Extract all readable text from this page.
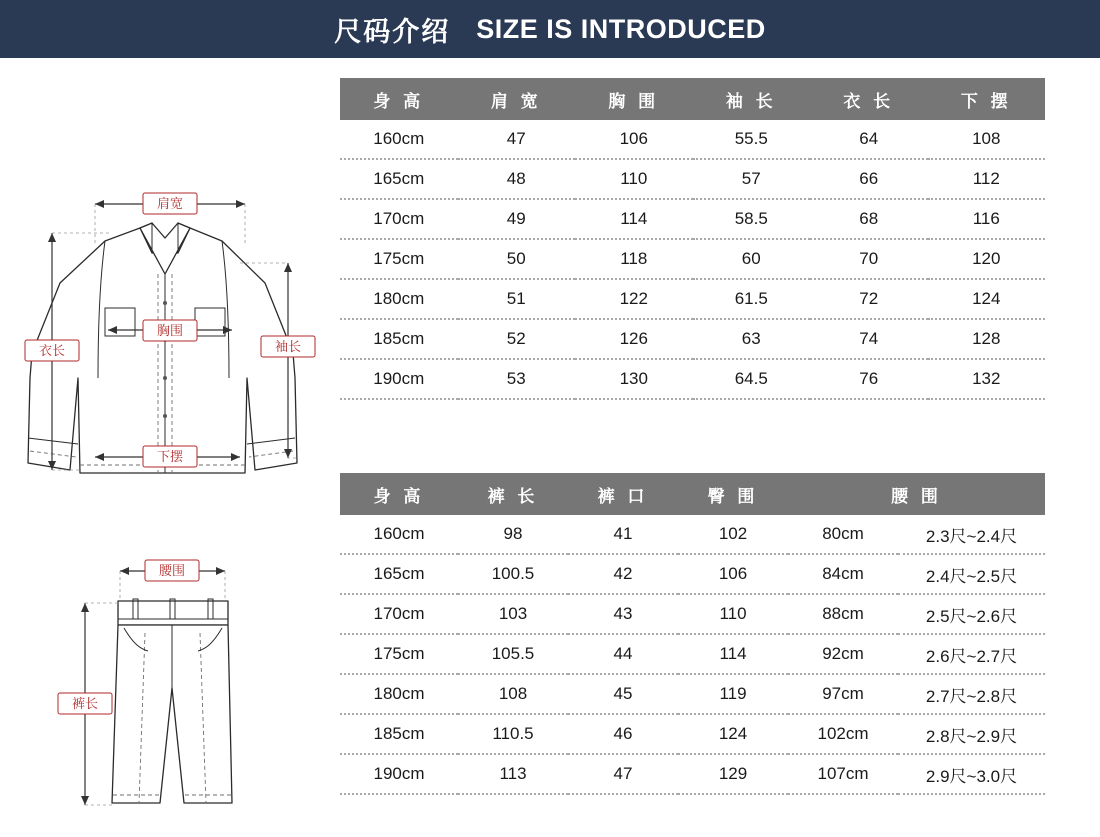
尺码介绍 SIZE IS INTRODUCED
肩宽
衣长	袖长
胸围
下摆
身 高	肩 宽	胸 围	袖 长	衣 长	下 摆
160cm	47	106	55.5	64	108
165cm	48	110	57	66	112
170cm	49	114	58.5	68	116
175cm	50	118	60	70	120
180cm	51	122	61.5	72	124
185cm	52	126	63	74	128
190cm	53	130	64.5	76	132
腰围
裤长
身 高	裤 长	裤 口	臀 围	腰 围	
160cm	98	41	102	80cm	2.3尺~2.4尺
165cm	100.5	42	106	84cm	2.4尺~2.5尺
170cm	103	43	110	88cm	2.5尺~2.6尺
175cm	105.5	44	114	92cm	2.6尺~2.7尺
180cm	108	45	119	97cm	2.7尺~2.8尺
185cm	110.5	46	124	102cm	2.8尺~2.9尺
190cm	113	47	129	107cm	2.9尺~3.0尺
